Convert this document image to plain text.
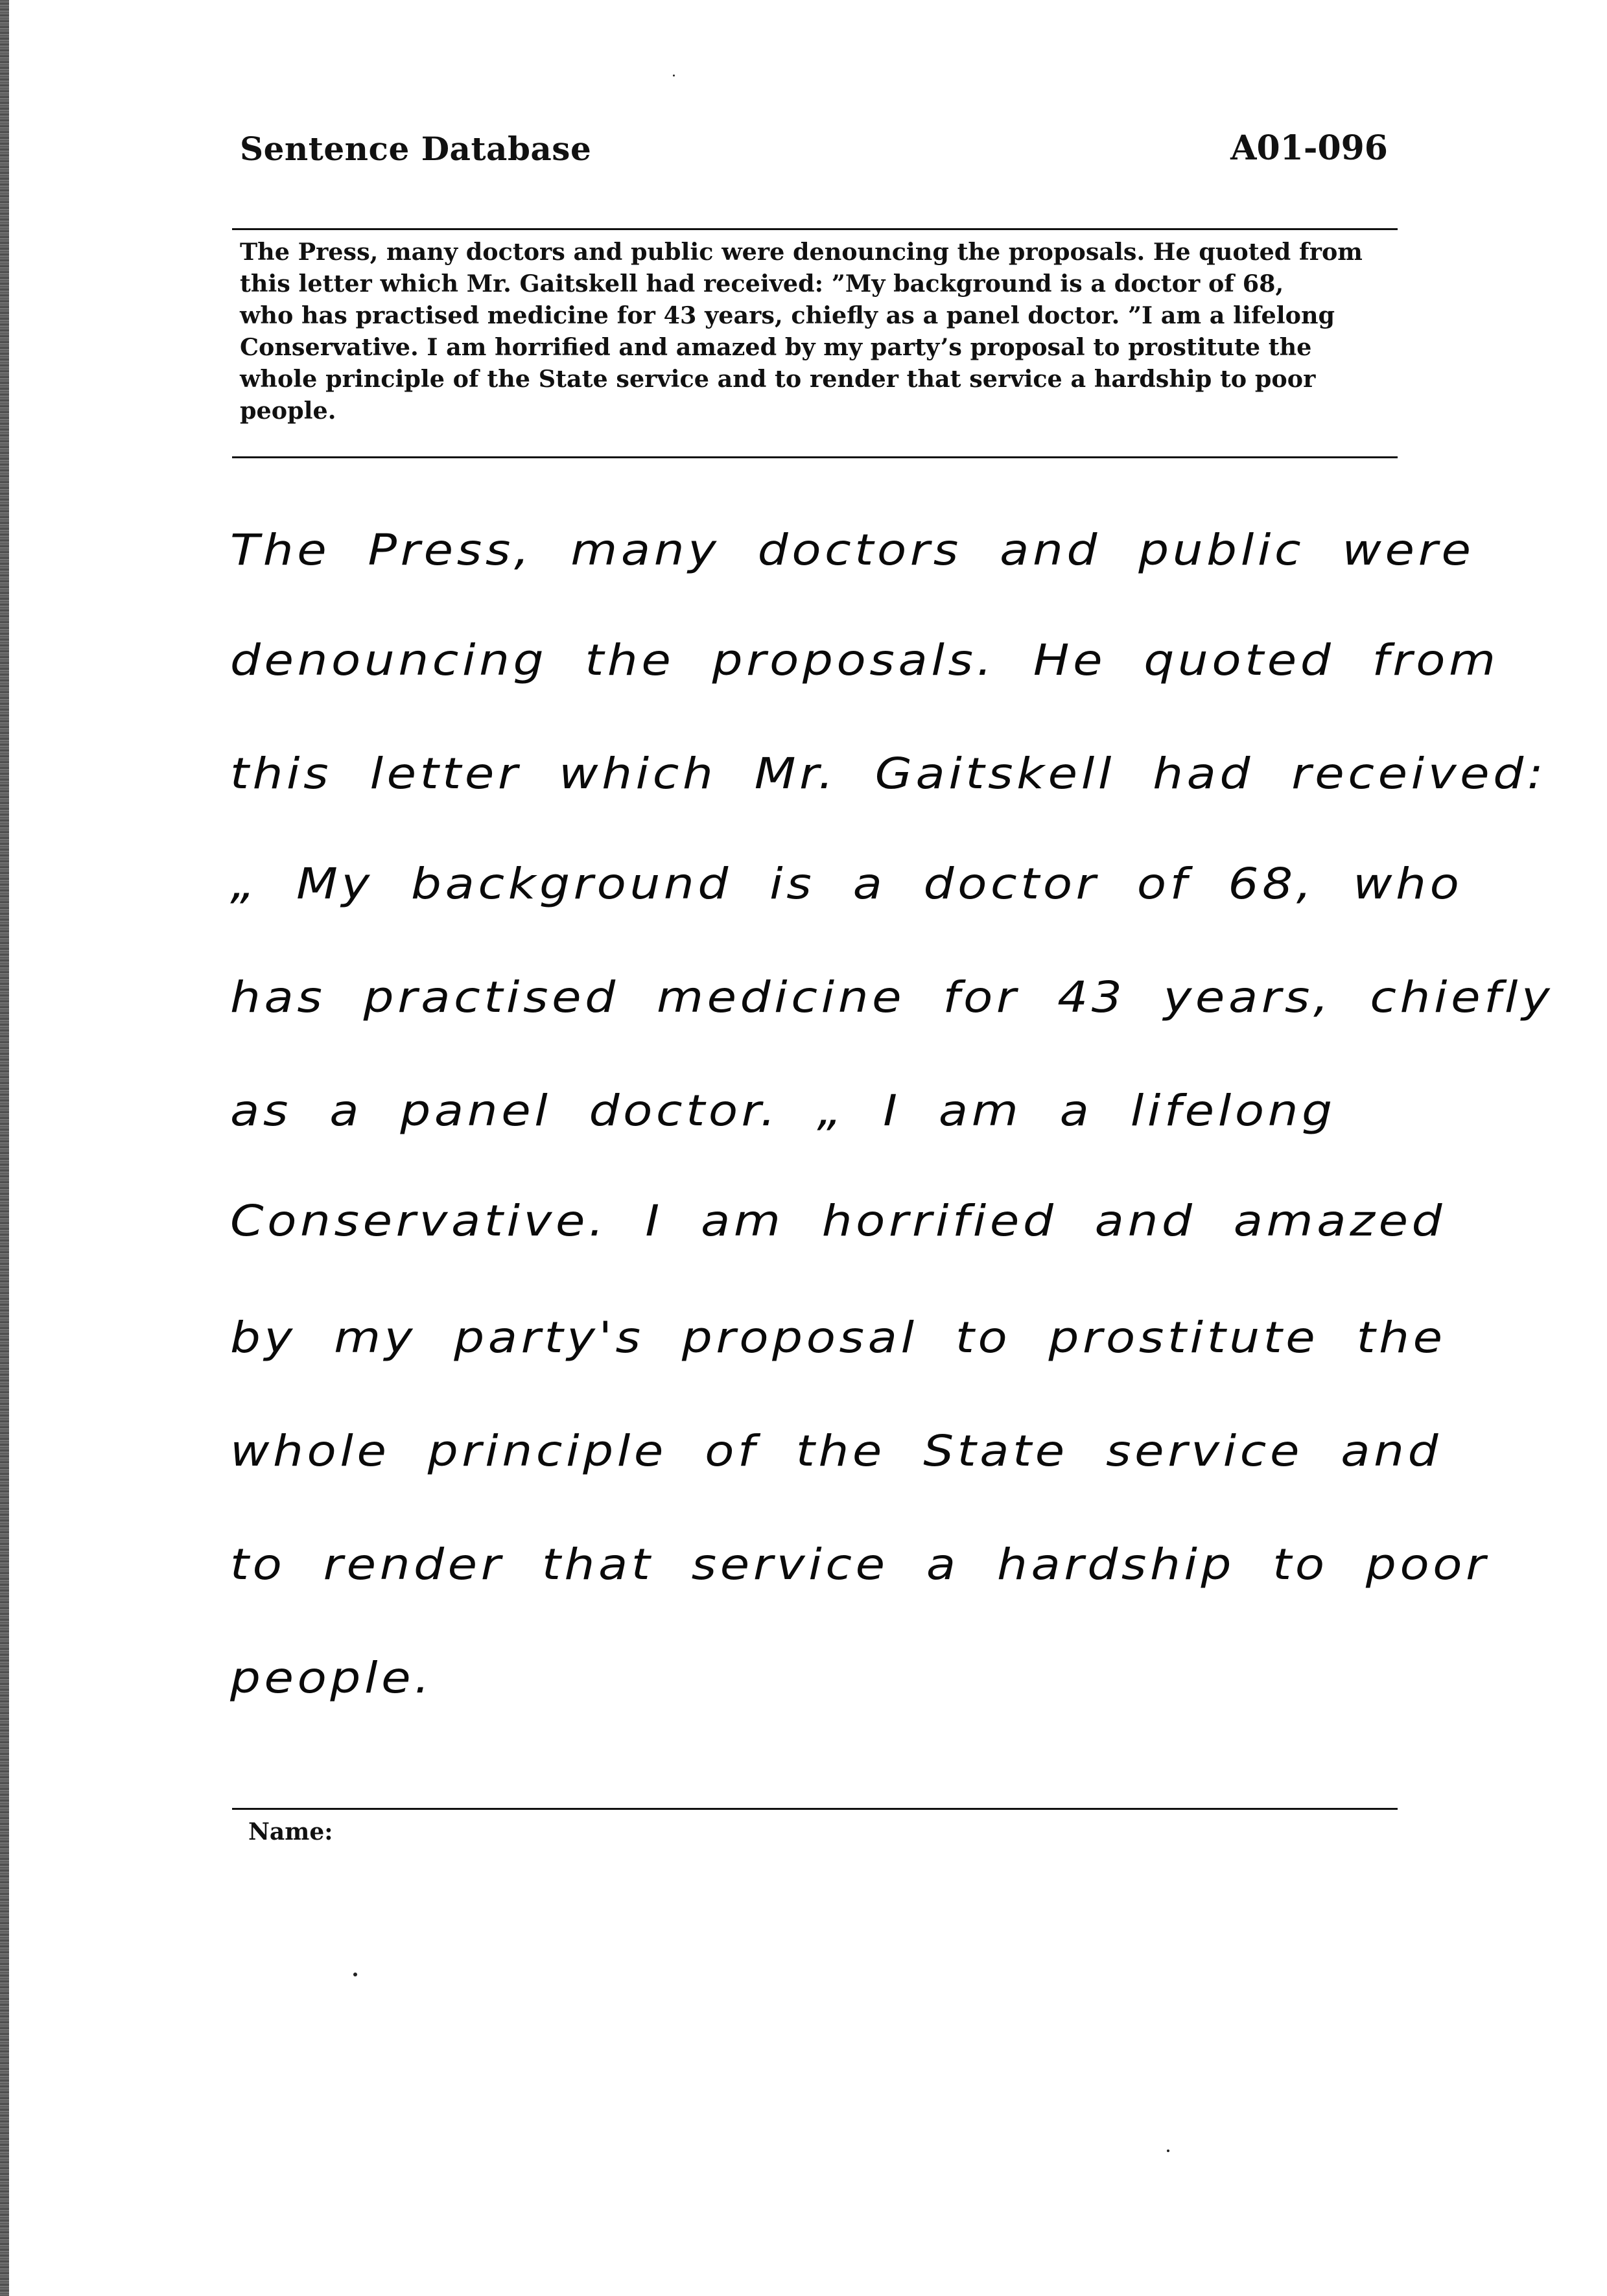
Sentence Database	A01-096
The Press, many doctors and public were denouncing the proposals. He quoted from
this letter which Mr. Gaitskell had received: ”My background is a doctor of 68,
who has practised medicine for 43 years, chiefly as a panel doctor. ”I am a lifelong
Conservative. I am horrified and amazed by my party’s proposal to prostitute the
whole principle of the State service and to render that service a hardship to poor
people.
The Press, many doctors and public were
denouncing the proposals. He quoted from
this letter which Mr. Gaitskell had received:
„ My background is a doctor of 68, who
has practised medicine for 43 years, chiefly
as a panel doctor. „ I am a lifelong
Conservative. I am horrified and amazed
by my party's proposal to prostitute the
whole principle of the State service and
to render that service a hardship to poor
people.
Name:
